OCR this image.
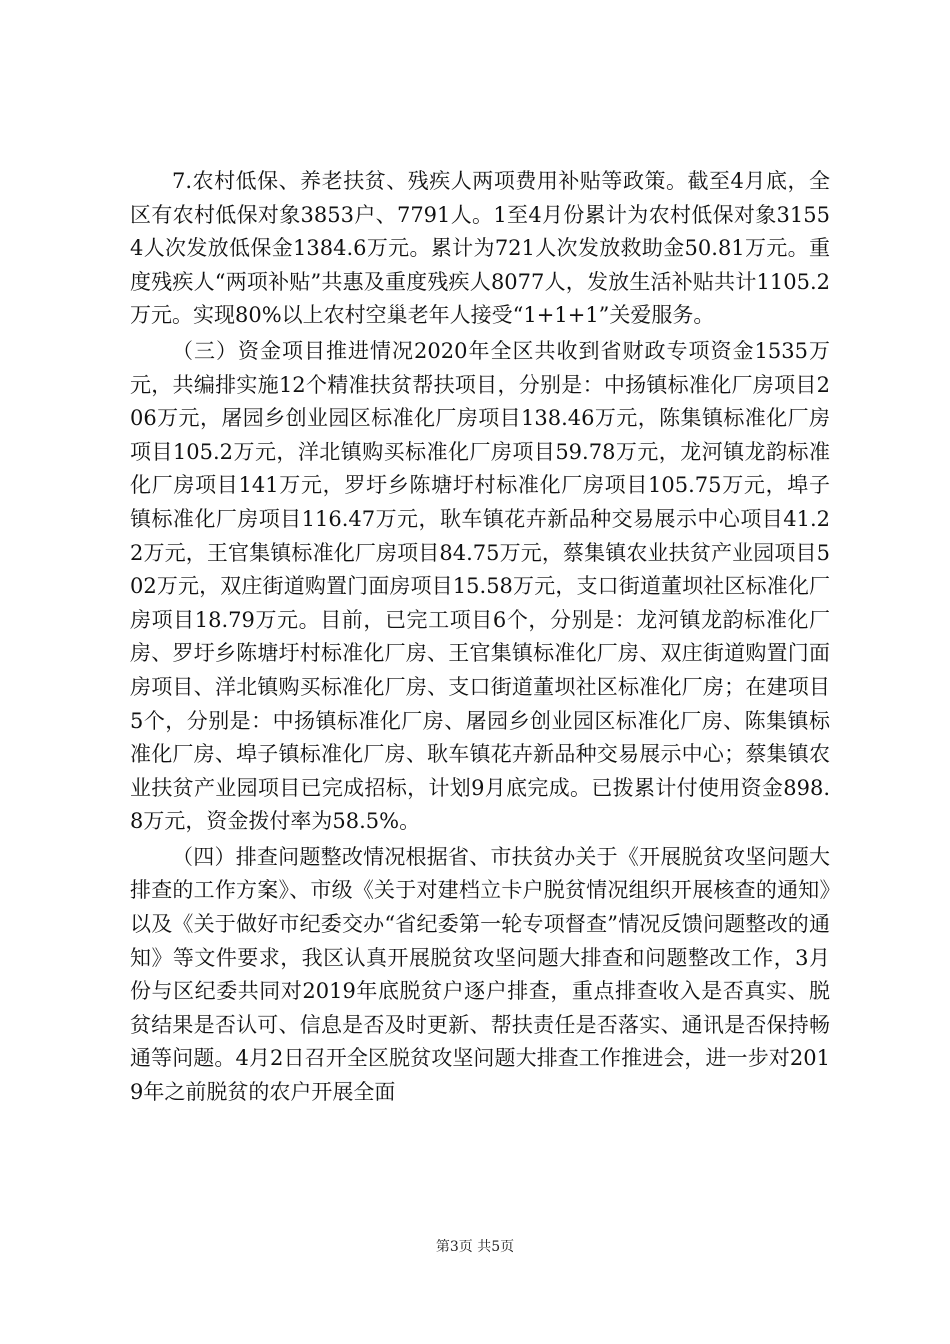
7.农村低保、养老扶贫、残疾人两项费用补贴等政策。截至4月底，全区有农村低保对象3853户、7791人。1至4月份累计为农村低保对象31554人次发放低保金1384.6万元。累计为721人次发放救助金50.81万元。重度残疾人“两项补贴”共惠及重度残疾人8077人，发放生活补贴共计1105.2万元。实现80%以上农村空巢老年人接受“1+1+1”关爱服务。

（三）资金项目推进情况2020年全区共收到省财政专项资金1535万元，共编排实施12个精准扶贫帮扶项目，分别是：中扬镇标准化厂房项目206万元，屠园乡创业园区标准化厂房项目138.46万元，陈集镇标准化厂房项目105.2万元，洋北镇购买标准化厂房项目59.78万元，龙河镇龙韵标准化厂房项目141万元，罗圩乡陈塘圩村标准化厂房项目105.75万元，埠子镇标准化厂房项目116.47万元，耿车镇花卉新品种交易展示中心项目41.22万元，王官集镇标准化厂房项目84.75万元，蔡集镇农业扶贫产业园项目502万元，双庄街道购置门面房项目15.58万元，支口街道董坝社区标准化厂房项目18.79万元。目前，已完工项目6个，分别是：龙河镇龙韵标准化厂房、罗圩乡陈塘圩村标准化厂房、王官集镇标准化厂房、双庄街道购置门面房项目、洋北镇购买标准化厂房、支口街道董坝社区标准化厂房；在建项目5个，分别是：中扬镇标准化厂房、屠园乡创业园区标准化厂房、陈集镇标准化厂房、埠子镇标准化厂房、耿车镇花卉新品种交易展示中心；蔡集镇农业扶贫产业园项目已完成招标，计划9月底完成。已拨累计付使用资金898.8万元，资金拨付率为58.5%。

（四）排查问题整改情况根据省、市扶贫办关于《开展脱贫攻坚问题大排查的工作方案》、市级《关于对建档立卡户脱贫情况组织开展核查的通知》以及《关于做好市纪委交办“省纪委第一轮专项督查”情况反馈问题整改的通知》等文件要求，我区认真开展脱贫攻坚问题大排查和问题整改工作，3月份与区纪委共同对2019年底脱贫户逐户排查，重点排查收入是否真实、脱贫结果是否认可、信息是否及时更新、帮扶责任是否落实、通讯是否保持畅通等问题。4月2日召开全区脱贫攻坚问题大排查工作推进会，进一步对2019年之前脱贫的农户开展全面

第3页 共5页
